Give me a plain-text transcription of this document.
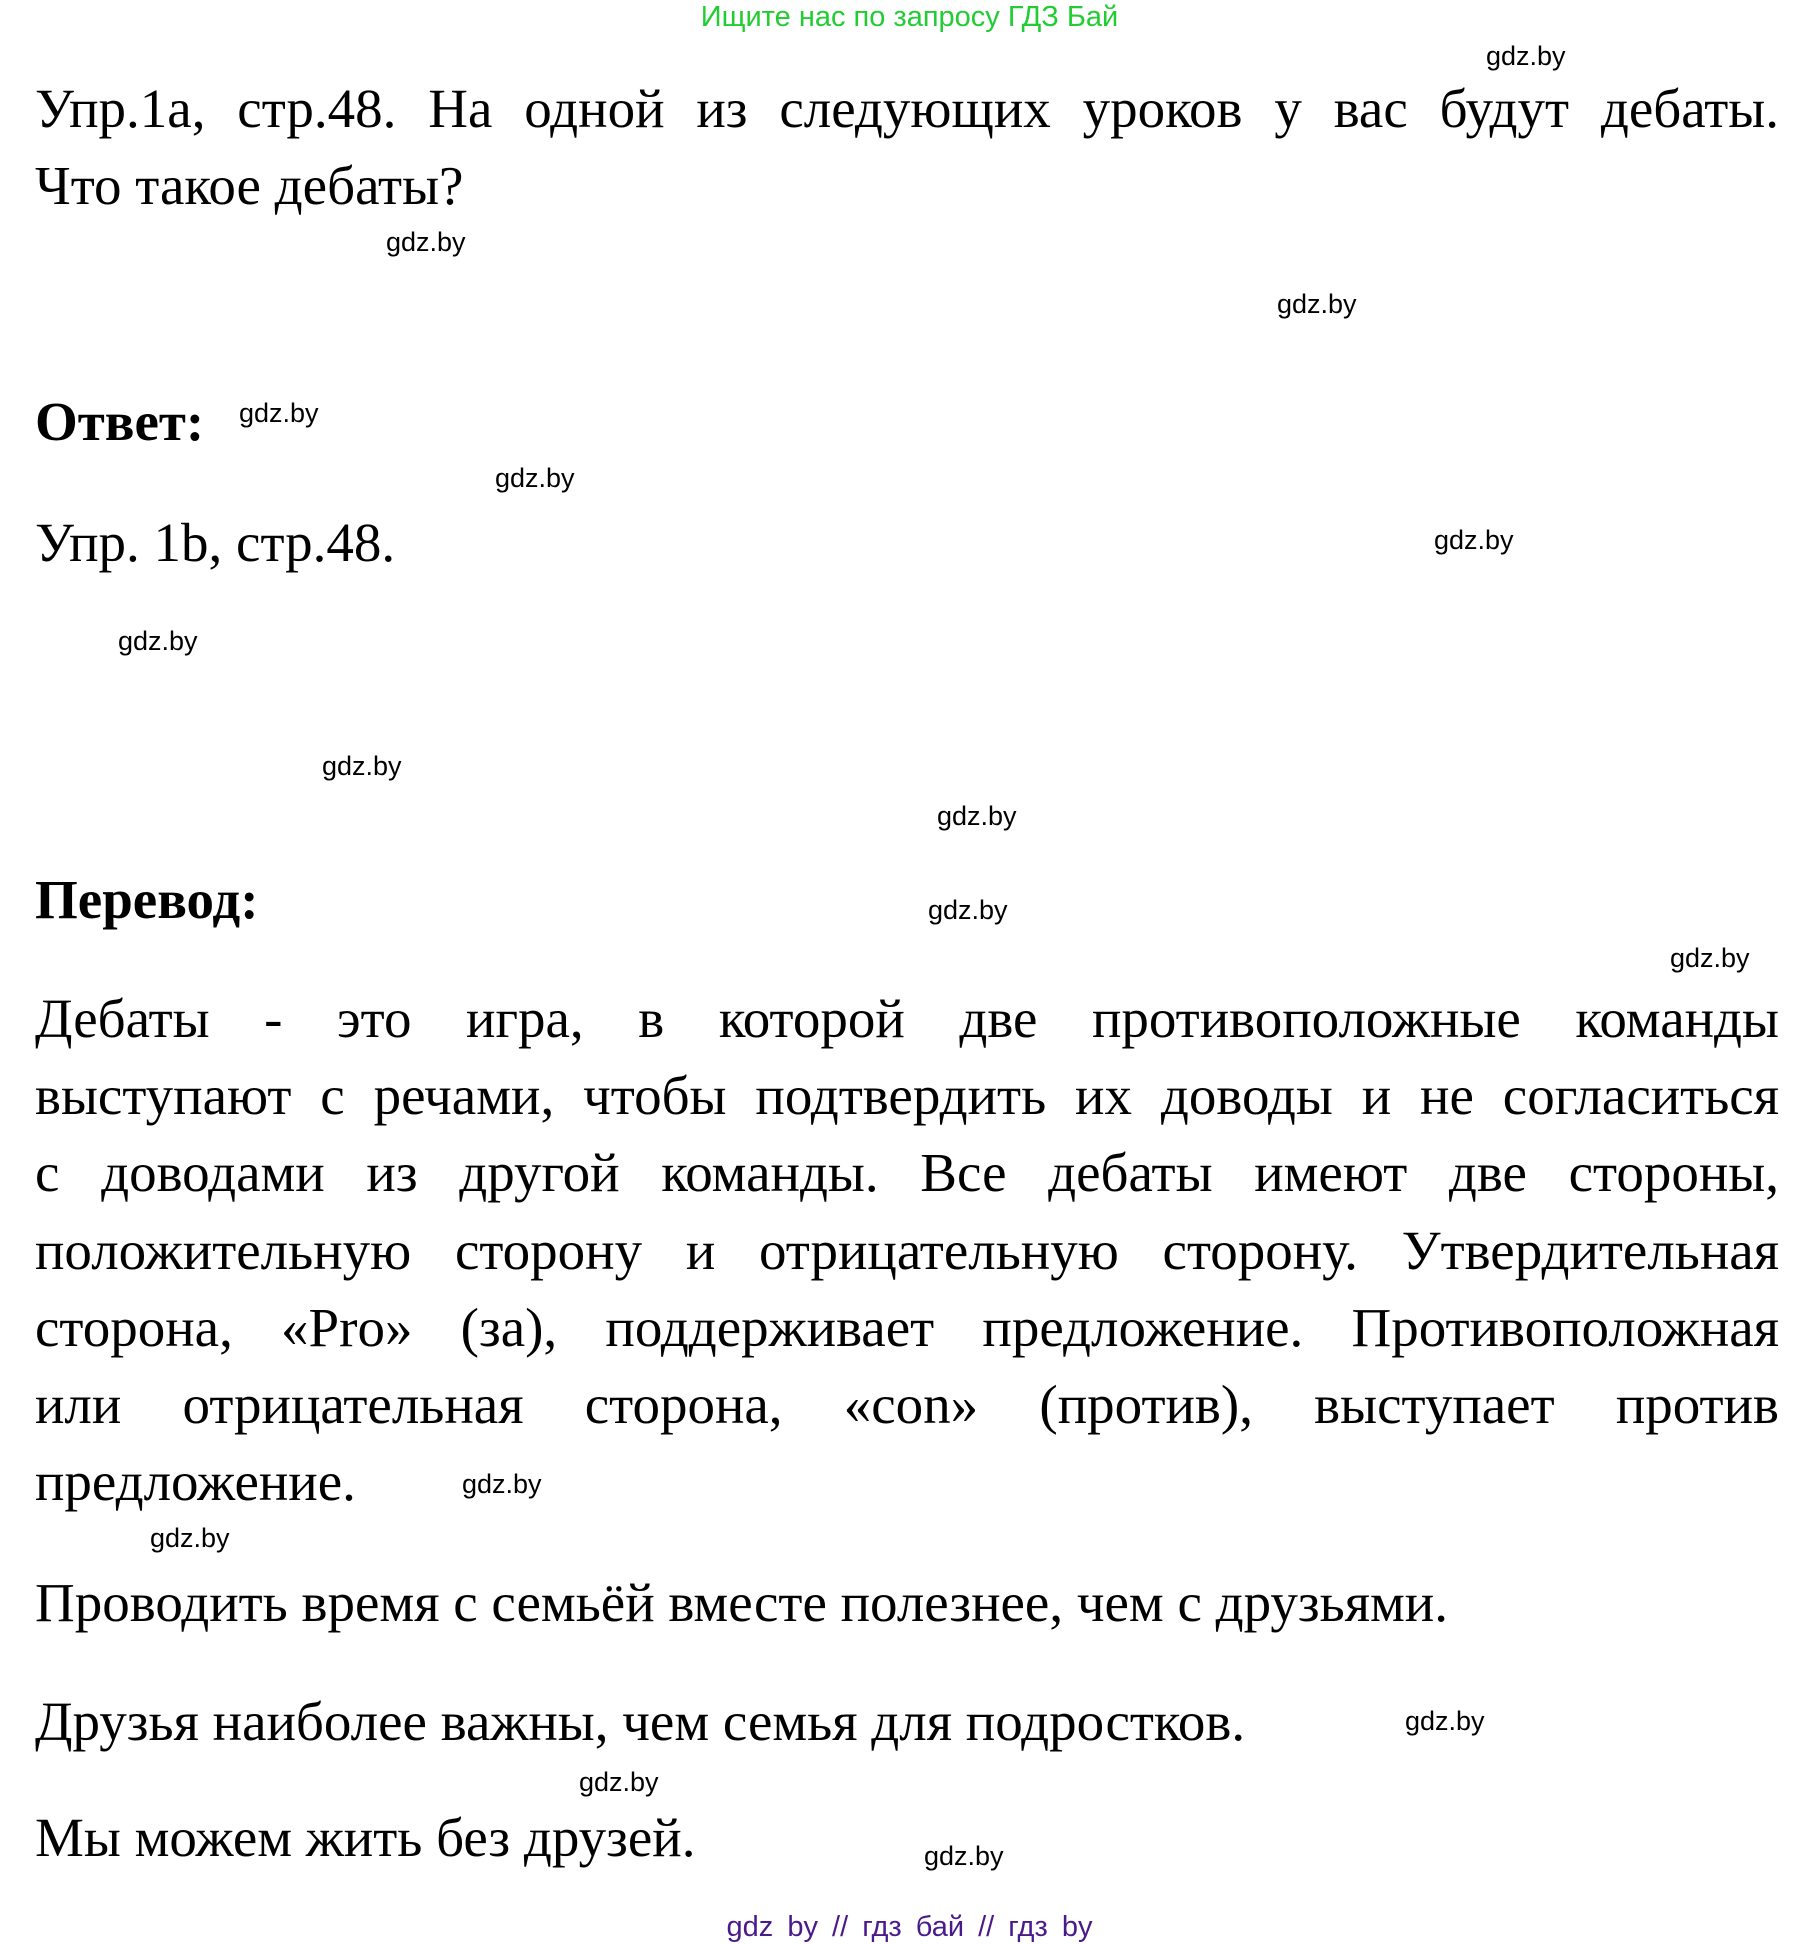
Ищите нас по запросу ГДЗ Бай
Упр.1a, стр.48. На одной из следующих уроков у вас будут дебаты.
Что такое дебаты?
Ответ:
Упр. 1b, стр.48.
Перевод:
Дебаты - это игра, в которой две противоположные команды
выступают с речами, чтобы подтвердить их доводы и не согласиться
с доводами из другой команды. Все дебаты имеют две стороны,
положительную сторону и отрицательную сторону. Утвердительная
сторона, «Pro» (за), поддерживает предложение. Противоположная
или отрицательная сторона, «con» (против), выступает против
предложение.
Проводить время с семьёй вместе полезнее, чем с друзьями.
Друзья наиболее важны, чем семья для подростков.
Мы можем жить без друзей.
gdz.by
gdz.by
gdz.by
gdz.by
gdz.by
gdz.by
gdz.by
gdz.by
gdz.by
gdz.by
gdz.by
gdz.by
gdz.by
gdz.by
gdz.by
gdz.by
gdz by // гдз бай // гдз by
